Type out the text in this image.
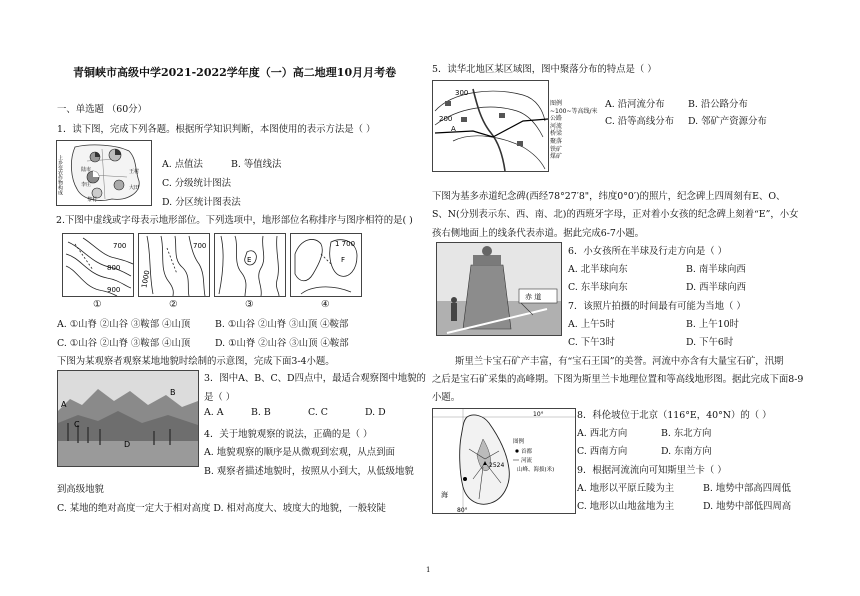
青铜峡市高级中学2021-2022学年度（一）高二地理10月月考卷
一、单选题 （60分）
1．读下图，完成下列各题。根据所学知识判断，本图使用的表示方法是（ ）
上乡变农作物构成	陆市	王村
李庄	大田
黎村
A. 点值法	B. 等值线法
C. 分级统计图法
D. 分区统计图表法
2.下图中虚线或字母表示地形部位。下列选项中，地形部位名称排序与图序相符的是( )
700
800
900
700
1000
E
1 700
F
①	②	③	④
A. ①山脊 ②山谷 ③鞍部 ④山顶	B. ①山谷 ②山脊 ③山顶 ④鞍部
C. ①山谷 ②山脊 ③鞍部 ④山顶	D. ①山脊 ②山谷 ③山顶 ④鞍部
下图为某观察者观察某地地貌时绘制的示意图，完成下面3-4小题。
A
B
C
D
3．图中A、B、C、D四点中，最适合观察图中地貌的
是（ ）
A. A	B. B	C. C	D. D
4．关于地貌观察的说法，正确的是（ ）
A. 地貌观察的顺序是从微观到宏观，从点到面
B. 观察者描述地貌时，按照从小到大，从低级地貌
到高级地貌
C. 某地的绝对高度一定大于相对高度 D. 相对高度大、坡度大的地貌，一般较陡
5．读华北地区某区域图，图中聚落分布的特点是（ ）
300
200
A
图例
~100~等高线/米
公路
河流
桥梁
聚落
铁矿
煤矿
A. 沿河流分布 B. 沿公路分布
C. 沿等高线分布 D. 邻矿产资源分布
下图为基多赤道纪念碑(西经78°27′8"，纬度0°0′)的照片，纪念碑上四周刻有E、O、
S、N(分别表示东、西、南、北)的西班牙字母，正对着小女孩的纪念碑上刻着“E”，小女
孩右侧地面上的线条代表赤道。据此完成6-7小题。
赤 道
6．小女孩所在半球及行走方向是（ ）
A. 北半球向东	B. 南半球向西
C. 东半球向东	D. 西半球向西
7．该照片拍摄的时间最有可能为当地（ ）
A. 上午5时	B. 上午10时
C. 下午3时	D. 下午6时
斯里兰卡宝石矿产丰富，有“宝石王国”的美誉。河流中亦含有大量宝石矿，汛期
之后是宝石矿采集的高峰期。下图为斯里兰卡地理位置和等高线地形图。据此完成下面8-9
小题。
10°
80°
2524
海
图例
首都
河流
山峰、海拔(米)
8．科伦坡位于北京（116°E，40°N）的（ ）
A. 西北方向	B. 东北方向
C. 西南方向	D. 东南方向
9．根据河流流向可知斯里兰卡（ ）
A. 地形以平原丘陵为主	B. 地势中部高四周低
C. 地形以山地盆地为主	D. 地势中部低四周高
1
